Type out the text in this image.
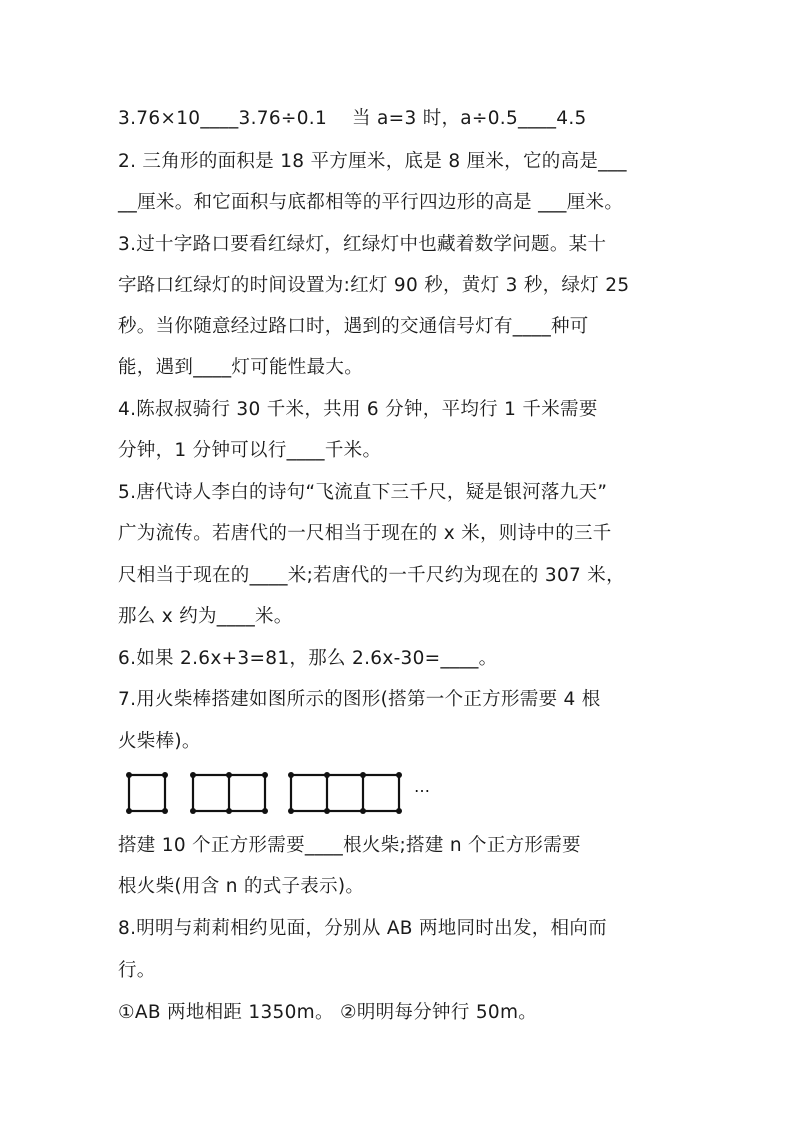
3.76×10____3.76÷0.1　 当 a=3 时，a÷0.5____4.5
2. 三角形的面积是 18 平方厘米，底是 8 厘米，它的高是___
__厘米。和它面积与底都相等的平行四边形的高是 ___厘米。
3.过十字路口要看红绿灯，红绿灯中也藏着数学问题。某十
字路口红绿灯的时间设置为:红灯 90 秒，黄灯 3 秒，绿灯 25
秒。当你随意经过路口时，遇到的交通信号灯有____种可
能，遇到____灯可能性最大。
4.陈叔叔骑行 30 千米，共用 6 分钟，平均行 1 千米需要
分钟，1 分钟可以行____千米。
5.唐代诗人李白的诗句“飞流直下三千尺，疑是银河落九天”
广为流传。若唐代的一尺相当于现在的 x 米，则诗中的三千
尺相当于现在的____米;若唐代的一千尺约为现在的 307 米，
那么 x 约为____米。
6.如果 2.6x+3=81，那么 2.6x-30=____。
7.用火柴棒搭建如图所示的图形(搭第一个正方形需要 4 根
火柴棒)。
…
搭建 10 个正方形需要____根火柴;搭建 n 个正方形需要
根火柴(用含 n 的式子表示)。
8.明明与莉莉相约见面，分别从 AB 两地同时出发，相向而
行。
①AB 两地相距 1350m。 ②明明每分钟行 50m。
